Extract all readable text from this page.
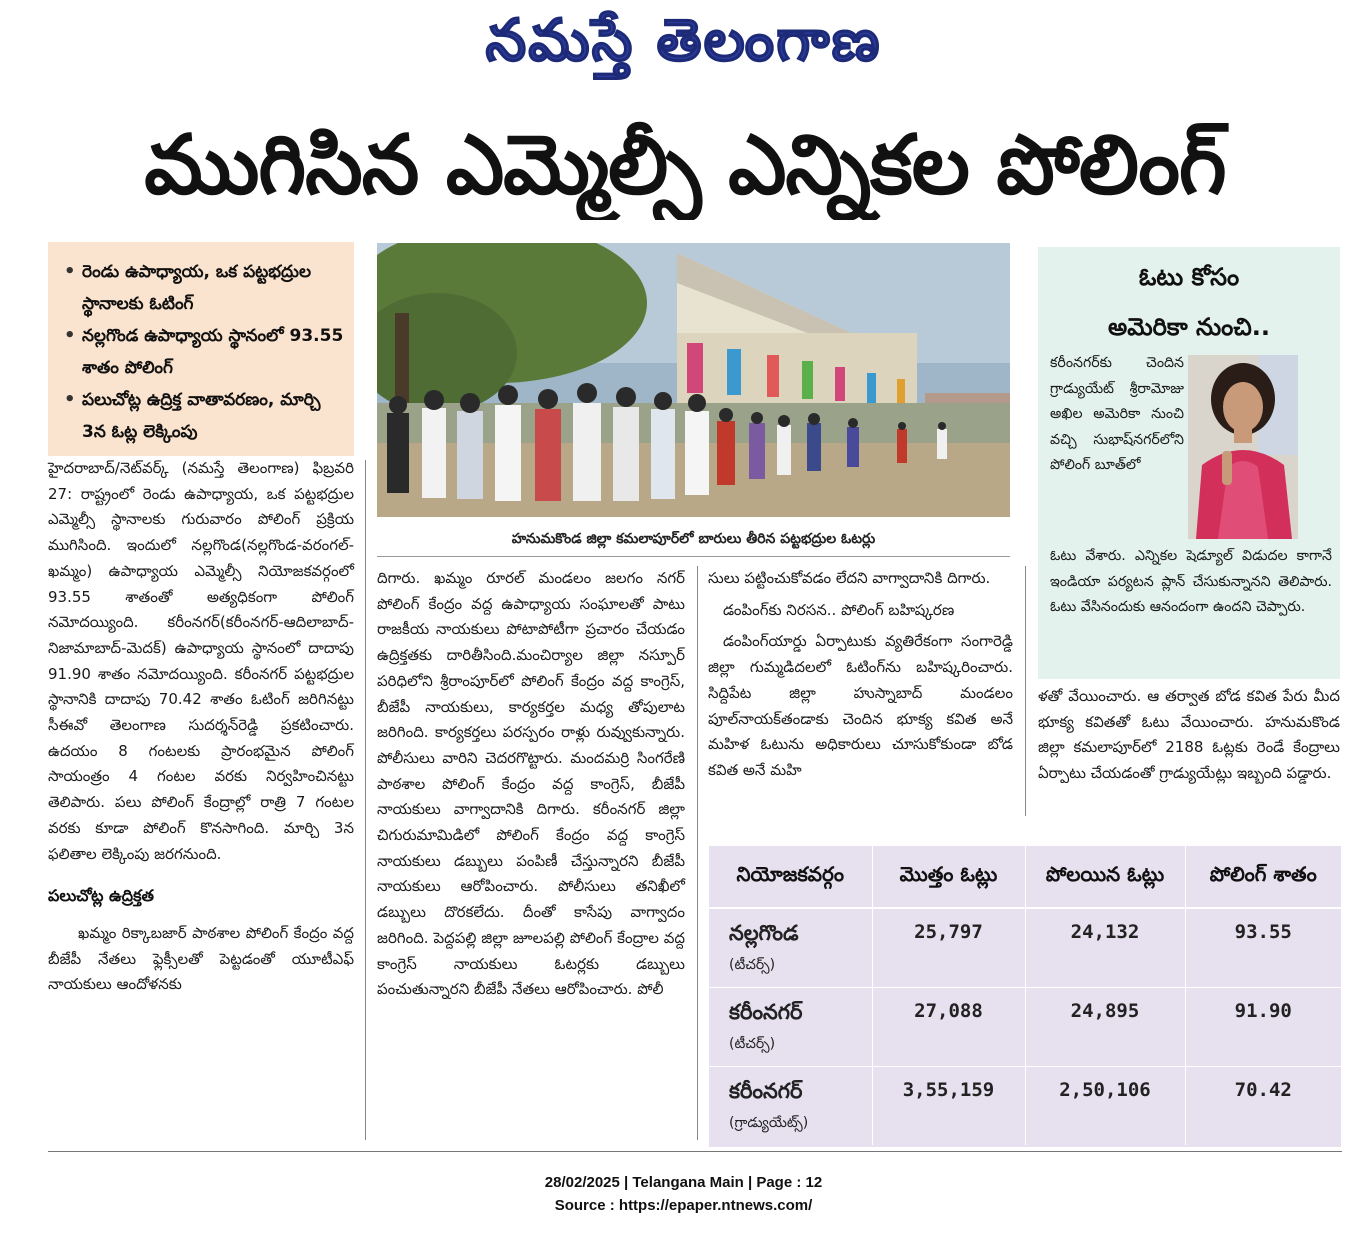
నమస్తే తెలంగాణ
ముగిసిన ఎమ్మెల్సీ ఎన్నికల పోలింగ్
• రెండు ఉపాధ్యాయ, ఒక పట్టభద్రుల స్థానాలకు ఓటింగ్
• నల్లగొండ ఉపాధ్యాయ స్థానంలో 93.55 శాతం పోలింగ్
• పలుచోట్ల ఉద్రిక్త వాతావరణం, మార్చి 3న ఓట్ల లెక్కింపు
హనుమకొండ జిల్లా కమలాపూర్‌లో బారులు తీరిన పట్టభద్రుల ఓటర్లు
ఓటు కోసం
అమెరికా నుంచి..
కరీంనగర్‌కు చెందిన గ్రాడ్యుయేట్ శ్రీరామోజు అఖిల అమెరికా నుంచి వచ్చి సుభాష్‌నగర్‌లోని పోలింగ్ బూత్‌లో
ఓటు వేశారు. ఎన్నికల షెడ్యూల్ విడుదల కాగానే ఇండియా పర్యటన ప్లాన్ చేసుకున్నానని తెలిపారు. ఓటు వేసినందుకు ఆనందంగా ఉందని చెప్పారు.

హైదరాబాద్/నెట్‌వర్క్ (నమస్తే తెలంగాణ) ఫిబ్రవరి 27: రాష్ట్రంలో రెండు ఉపాధ్యాయ, ఒక పట్టభద్రుల ఎమ్మెల్సీ స్థానాలకు గురువారం పోలింగ్ ప్రక్రియ ముగిసింది. ఇందులో నల్లగొండ(నల్లగొండ-వరంగల్-ఖమ్మం) ఉపాధ్యాయ ఎమ్మెల్సీ నియోజకవర్గంలో 93.55 శాతంతో అత్యధికంగా పోలింగ్ నమోదయ్యింది. కరీంనగర్(కరీంనగర్-ఆదిలాబాద్-నిజామాబాద్-మెదక్) ఉపాధ్యాయ స్థానంలో దాదాపు 91.90 శాతం నమోదయ్యింది. కరీంనగర్ పట్టభద్రుల స్థానానికి దాదాపు 70.42 శాతం ఓటింగ్ జరిగినట్టు సీఈవో తెలంగాణ సుదర్శన్‌రెడ్డి ప్రకటించారు. ఉదయం 8 గంటలకు ప్రారంభమైన పోలింగ్ సాయంత్రం 4 గంటల వరకు నిర్వహించినట్టు తెలిపారు. పలు పోలింగ్ కేంద్రాల్లో రాత్రి 7 గంటల వరకు కూడా పోలింగ్ కొనసాగింది. మార్చి 3న ఫలితాల లెక్కింపు జరగనుంది.

పలుచోట్ల ఉద్రిక్తత

ఖమ్మం రిక్కాబజార్ పాఠశాల పోలింగ్ కేంద్రం వద్ద బీజేపీ నేతలు ఫ్లెక్సీలతో పెట్టడంతో యూటీఎఫ్ నాయకులు ఆందోళనకు

దిగారు. ఖమ్మం రూరల్ మండలం జలగం నగర్ పోలింగ్ కేంద్రం వద్ద ఉపాధ్యాయ సంఘాలతో పాటు రాజకీయ నాయకులు పోటాపోటీగా ప్రచారం చేయడం ఉద్రిక్తతకు దారితీసింది.మంచిర్యాల జిల్లా నస్పూర్ పరిధిలోని శ్రీరాంపూర్‌లో పోలింగ్ కేంద్రం వద్ద కాంగ్రెస్, బీజేపీ నాయకులు, కార్యకర్తల మధ్య తోపులాట జరిగింది. కార్యకర్తలు పరస్పరం రాళ్లు రువ్వుకున్నారు. పోలీసులు వారిని చెదరగొట్టారు. మందమర్రి సింగరేణి పాఠశాల పోలింగ్ కేంద్రం వద్ద కాంగ్రెస్, బీజేపీ నాయకులు వాగ్వాదానికి దిగారు. కరీంనగర్ జిల్లా చిగురుమామిడిలో పోలింగ్ కేంద్రం వద్ద కాంగ్రెస్ నాయకులు డబ్బులు పంపిణీ చేస్తున్నారని బీజేపీ నాయకులు ఆరోపించారు. పోలీసులు తనిఖీలో డబ్బులు దొరకలేదు. దీంతో కాసేపు వాగ్వాదం జరిగింది. పెద్దపల్లి జిల్లా జూలపల్లి పోలింగ్ కేంద్రాల వద్ద కాంగ్రెస్ నాయకులు ఓటర్లకు డబ్బులు పంచుతున్నారని బీజేపీ నేతలు ఆరోపించారు. పోలీ

సులు పట్టించుకోవడం లేదని వాగ్వాదానికి దిగారు.

డంపింగ్‌కు నిరసన.. పోలింగ్ బహిష్కరణ

డంపింగ్‌యార్డు ఏర్పాటుకు వ్యతిరేకంగా సంగారెడ్డి జిల్లా గుమ్మడిదలలో ఓటింగ్‌ను బహిష్కరించారు. సిద్దిపేట జిల్లా హుస్నాబాద్ మండలం పూల్‌నాయక్‌తండాకు చెందిన భూక్య కవిత అనే మహిళ ఓటును అధికారులు చూసుకోకుండా బోడ కవిత అనే మహి

ళతో వేయించారు. ఆ తర్వాత బోడ కవిత పేరు మీద భూక్య కవితతో ఓటు వేయించారు. హనుమకొండ జిల్లా కమలాపూర్‌లో 2188 ఓట్లకు రెండే కేంద్రాలు ఏర్పాటు చేయడంతో గ్రాడ్యుయేట్లు ఇబ్బంది పడ్డారు.

నియోజకవర్గం	మొత్తం ఓట్లు	పోలయిన ఓట్లు	పోలింగ్ శాతం

నల్లగొండ
(టీచర్స్)	25,797	24,132	93.55

కరీంనగర్
(టీచర్స్)	27,088	24,895	91.90

కరీంనగర్
(గ్రాడ్యుయేట్స్)	3,55,159	2,50,106	70.42
28/02/2025 | Telangana Main | Page : 12
Source : https://epaper.ntnews.com/
